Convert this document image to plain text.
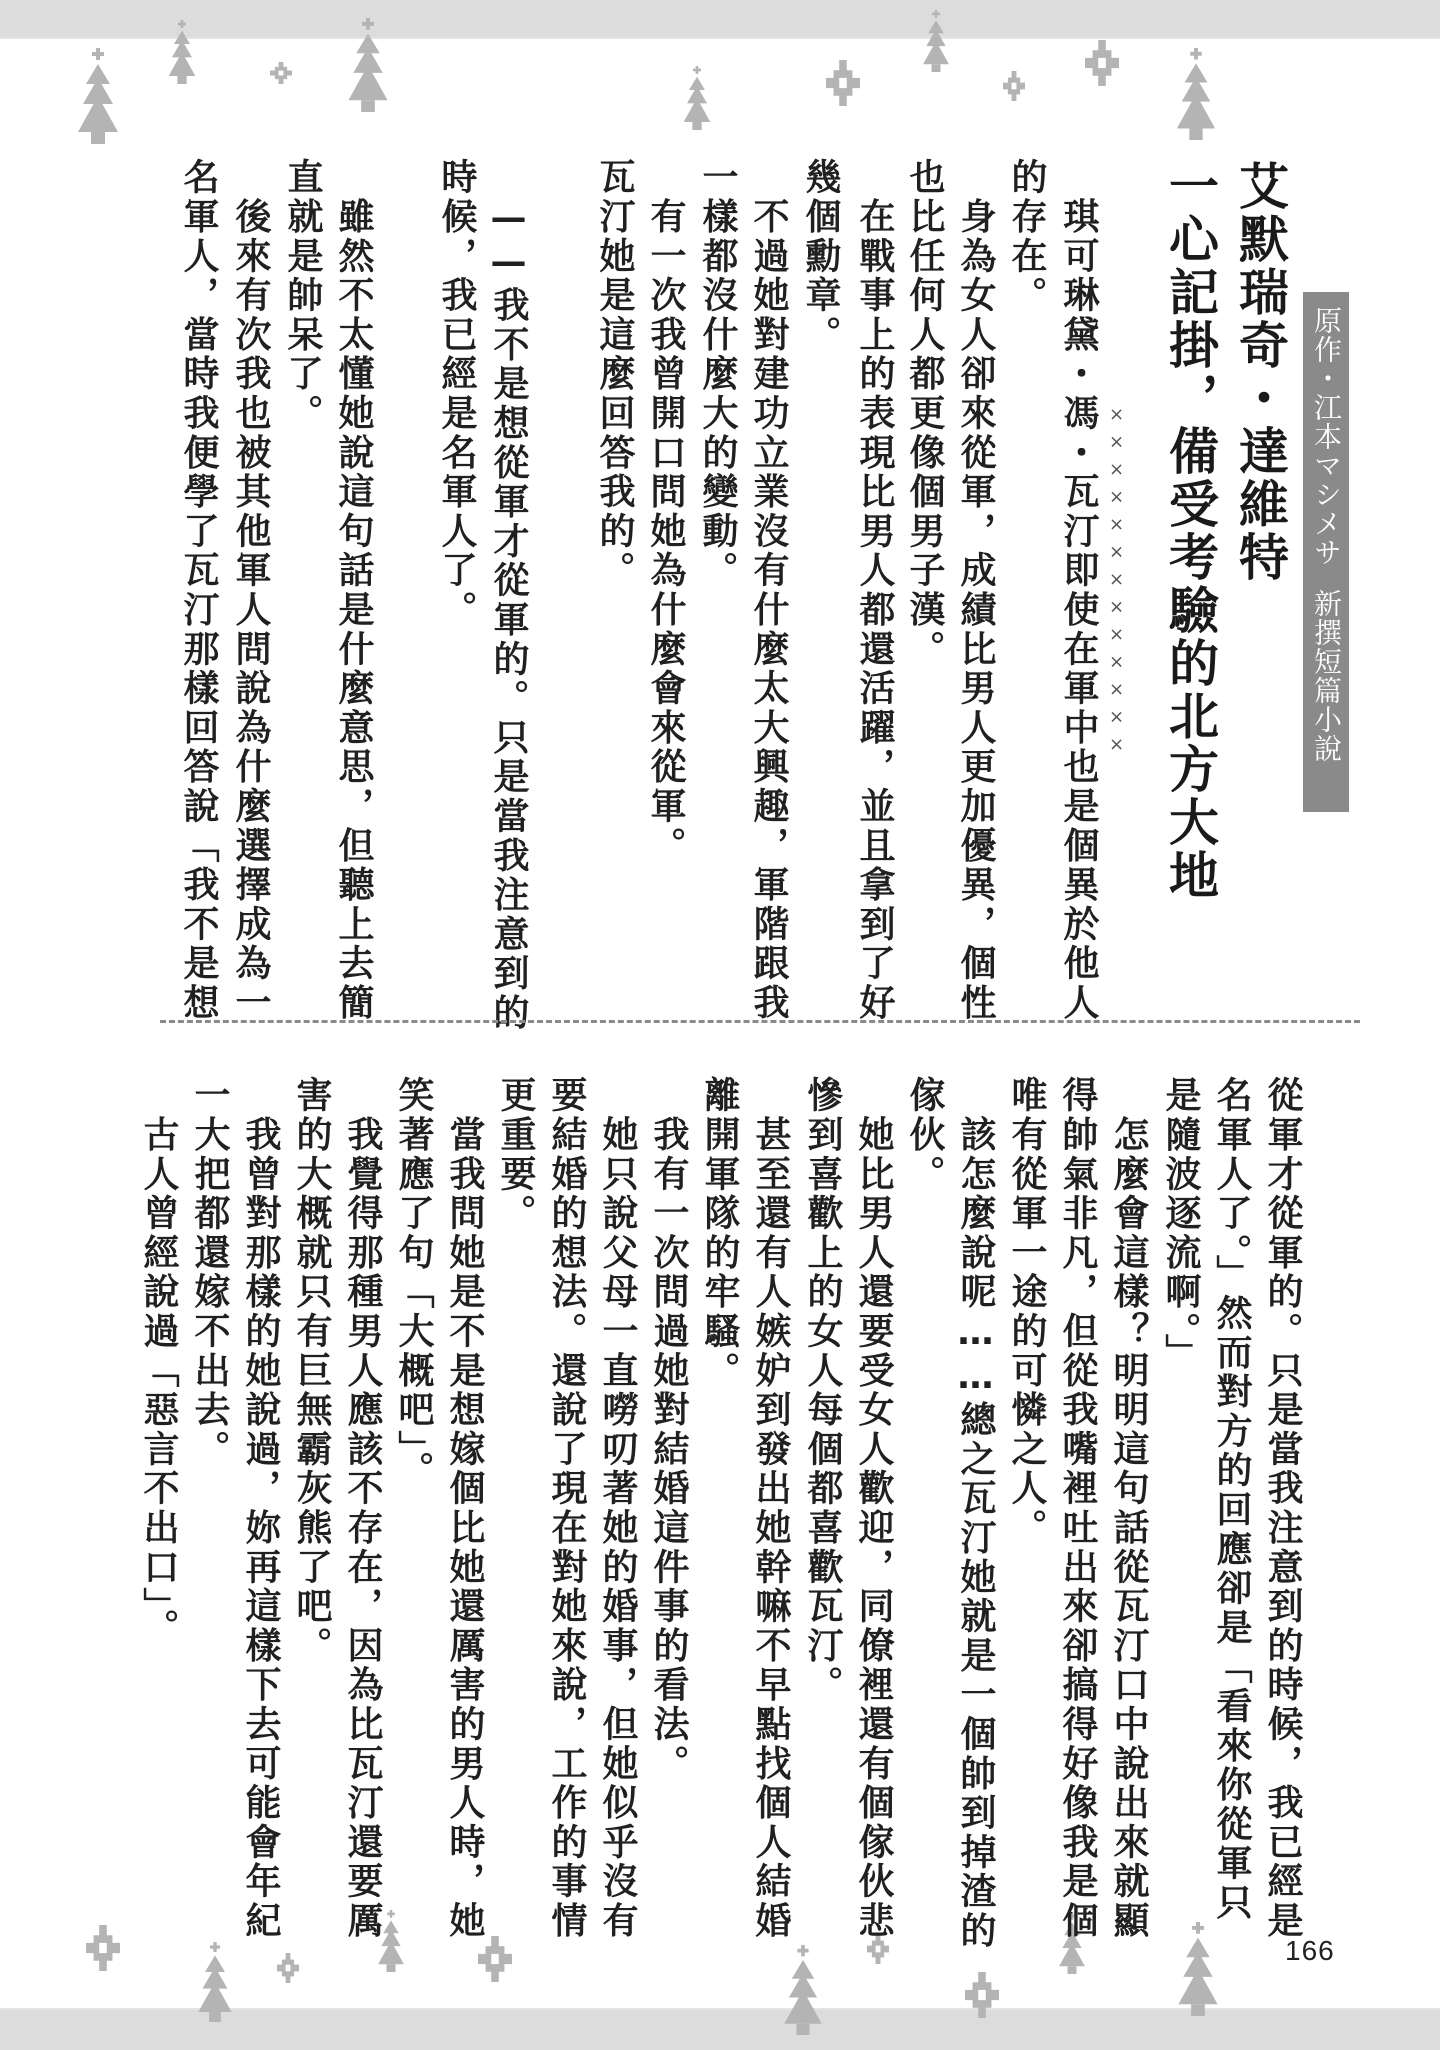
原作・江本マシメサ
新撰短篇小說
艾默瑞奇・達維特
一心記掛，備受考驗的北方大地
×××××××××××××
　琪可琳黛・馮・瓦汀即使在軍中也是個異於他人
的存在。
　身為女人卻來從軍，成績比男人更加優異，個性
也比任何人都更像個男子漢。
　在戰事上的表現比男人都還活躍，並且拿到了好
幾個勳章。
　不過她對建功立業沒有什麼太大興趣，軍階跟我
一樣都沒什麼大的變動。
　有一次我曾開口問她為什麼會來從軍。
瓦汀她是這麼回答我的。
　——我不是想從軍才從軍的。只是當我注意到的
時候，我已經是名軍人了。
　雖然不太懂她說這句話是什麼意思，但聽上去簡
直就是帥呆了。
　後來有次我也被其他軍人問說為什麼選擇成為一
名軍人，當時我便學了瓦汀那樣回答說「我不是想
從軍才從軍的。只是當我注意到的時候，我已經是
名軍人了。」然而對方的回應卻是「看來你從軍只
是隨波逐流啊。」
　怎麼會這樣？明明這句話從瓦汀口中說出來就顯
得帥氣非凡，但從我嘴裡吐出來卻搞得好像我是個
唯有從軍一途的可憐之人。
　該怎麼說呢……總之瓦汀她就是一個帥到掉渣的
傢伙。
　她比男人還要受女人歡迎，同僚裡還有個傢伙悲
慘到喜歡上的女人每個都喜歡瓦汀。
　甚至還有人嫉妒到發出她幹嘛不早點找個人結婚
離開軍隊的牢騷。
　我有一次問過她對結婚這件事的看法。
　她只說父母一直嘮叨著她的婚事，但她似乎沒有
要結婚的想法。還說了現在對她來說，工作的事情
更重要。
　當我問她是不是想嫁個比她還厲害的男人時，她
笑著應了句「大概吧」。
　我覺得那種男人應該不存在，因為比瓦汀還要厲
害的大概就只有巨無霸灰熊了吧。
　我曾對那樣的她說過，妳再這樣下去可能會年紀
一大把都還嫁不出去。
　古人曾經說過「惡言不出口」。
166
